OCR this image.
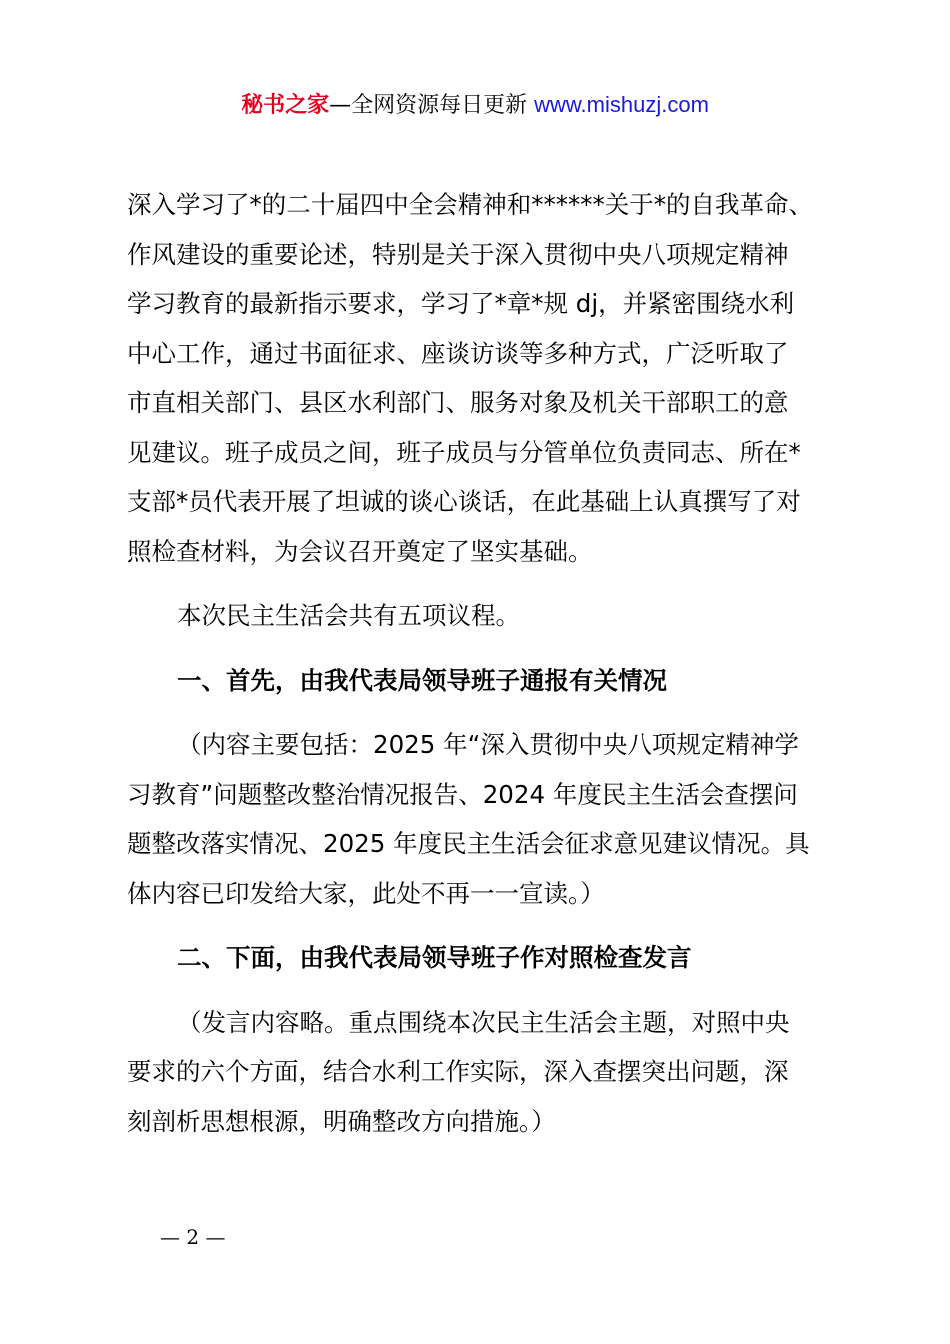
秘书之家—全网资源每日更新 www.mishuzj.com

深入学习了*的二十届四中全会精神和******关于*的自我革命、
作风建设的重要论述，特别是关于深入贯彻中央八项规定精神
学习教育的最新指示要求，学习了*章*规 dj，并紧密围绕水利
中心工作，通过书面征求、座谈访谈等多种方式，广泛听取了
市直相关部门、县区水利部门、服务对象及机关干部职工的意
见建议。班子成员之间，班子成员与分管单位负责同志、所在*
支部*员代表开展了坦诚的谈心谈话，在此基础上认真撰写了对
照检查材料，为会议召开奠定了坚实基础。

本次民主生活会共有五项议程。

一、首先，由我代表局领导班子通报有关情况

（内容主要包括：2025 年“深入贯彻中央八项规定精神学
习教育”问题整改整治情况报告、2024 年度民主生活会查摆问
题整改落实情况、2025 年度民主生活会征求意见建议情况。具
体内容已印发给大家，此处不再一一宣读。）

二、下面，由我代表局领导班子作对照检查发言

（发言内容略。重点围绕本次民主生活会主题，对照中央
要求的六个方面，结合水利工作实际，深入查摆突出问题，深
刻剖析思想根源，明确整改方向措施。）

— 2 —
